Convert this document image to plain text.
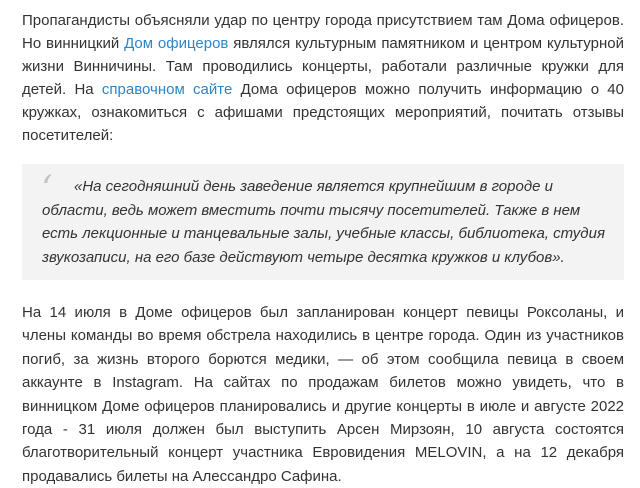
Пропагандисты объясняли удар по центру города присутствием там Дома офицеров. Но винницкий Дом офицеров являлся культурным памятником и центром культурной жизни Винничины. Там проводились концерты, работали различные кружки для детей. На справочном сайте Дома офицеров можно получить информацию о 40 кружках, ознакомиться с афишами предстоящих мероприятий, почитать отзывы посетителей:

‘	«На сегодняшний день заведение является крупнейшим в городе и области, ведь может вместить почти тысячу посетителей. Также в нем есть лекционные и танцевальные залы, учебные классы, библиотека, студия звукозаписи, на его базе действуют четыре десятка кружков и клубов».

На 14 июля в Доме офицеров был запланирован концерт певицы Роксоланы, и члены команды во время обстрела находились в центре города. Один из участников погиб, за жизнь второго борются медики, — об этом сообщила певица в своем аккаунте в Instagram. На сайтах по продажам билетов можно увидеть, что в винницком Доме офицеров планировались и другие концерты в июле и августе 2022 года - 31 июля должен был выступить Арсен Мирзоян, 10 августа состоятся благотворительный концерт участника Евровидения MELOVIN, а на 12 декабря продавались билеты на Алессандро Сафина.
